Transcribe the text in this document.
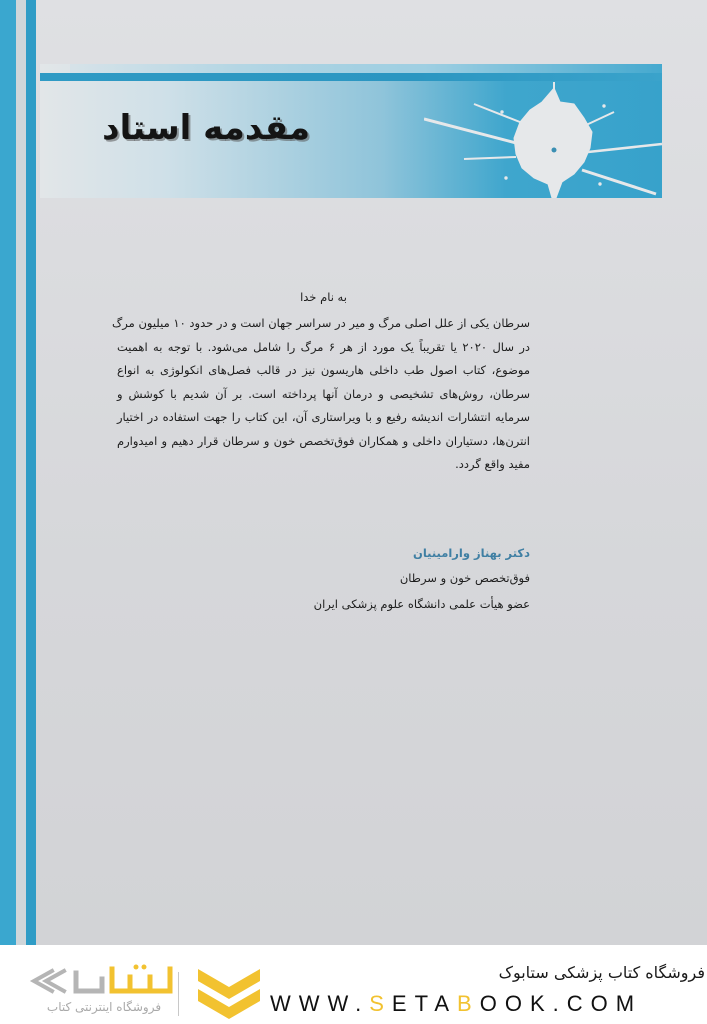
مقدمه استاد
به نام خدا

سرطان یکی از علل اصلی مرگ و میر در سراسر جهان است و در حدود ۱۰ میلیون مرگ
در سال ۲۰۲۰ یا تقریباً یک مورد از هر ۶ مرگ را شامل می‌شود. با توجه به اهمیت
موضوع، کتاب اصول طب داخلی هاریسون نیز در قالب فصل‌های انکولوژی به انواع
سرطان، روش‌های تشخیصی و درمان آنها پرداخته است. بر آن شدیم با کوشش و
سرمایه انتشارات اندیشه رفیع و با ویراستاری آن، این کتاب را جهت استفاده در اختیار
انترن‌ها، دستیاران داخلی و همکاران فوق‌تخصص خون و سرطان قرار دهیم و امیدوارم
مفید واقع گردد.

دکتر بهناز وارامینیان
فوق‌تخصص خون و سرطان
عضو هیأت علمی دانشگاه علوم پزشکی ایران
فروشگاه کتاب پزشکی ستابوک
WWW.SETABOOK.COM
فروشگاه اینترنتی کتاب
